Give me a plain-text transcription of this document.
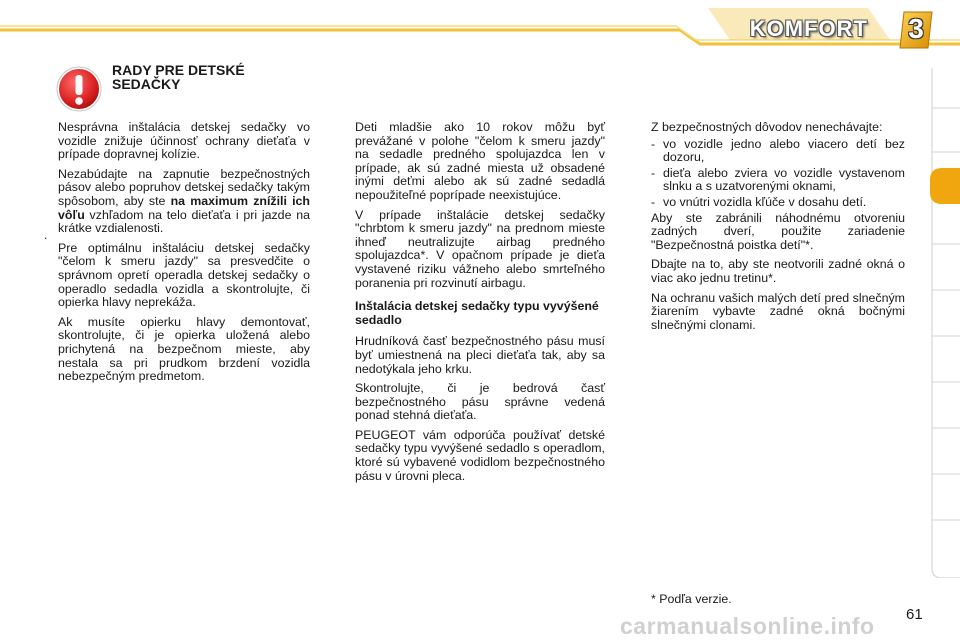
KOMFORT	3
RADY PRE DETSKÉ
SEDAČKY
.

Nesprávna inštalácia detskej sedačky vo vozidle znižuje účinnosť ochrany dieťaťa v prípade dopravnej kolízie.

Nezabúdajte na zapnutie bezpečnostných pásov alebo popruhov detskej sedačky takým spôsobom, aby ste na maximum znížili ich vôľu vzhľadom na telo dieťaťa i pri jazde na krátke vzdialenosti.

Pre optimálnu inštaláciu detskej sedačky "čelom k smeru jazdy" sa presvedčite o správnom opretí operadla detskej sedačky o operadlo sedadla vozidla a skontrolujte, či opierka hlavy neprekáža.

Ak musíte opierku hlavy demontovať, skontrolujte, či je opierka uložená alebo prichytená na bezpečnom mieste, aby nestala sa pri prudkom brzdení vozidla nebezpečným predmetom.

Deti mladšie ako 10 rokov môžu byť prevážané v polohe "čelom k smeru jazdy" na sedadle predného spolujazdca len v prípade, ak sú zadné miesta už obsadené inými deťmi alebo ak sú zadné sedadlá nepoužiteľné poprípade neexistujúce.

V prípade inštalácie detskej sedačky "chrbtom k smeru jazdy" na prednom mieste ihneď neutralizujte airbag predného spolujazdca*. V opačnom prípade je dieťa vystavené riziku vážneho alebo smrteľného poranenia pri rozvinutí airbagu.

Inštalácia detskej sedačky typu vyvýšené sedadlo

Hrudníková časť bezpečnostného pásu musí byť umiestnená na pleci dieťaťa tak, aby sa nedotýkala jeho krku.

Skontrolujte, či je bedrová časť bezpečnostného pásu správne vedená ponad stehná dieťaťa.

PEUGEOT vám odporúča používať detské sedačky typu vyvýšené sedadlo s operadlom, ktoré sú vybavené vodidlom bezpečnostného pásu v úrovni pleca.

Z bezpečnostných dôvodov nenechávajte:

- vo vozidle jedno alebo viacero detí bez dozoru,
- dieťa alebo zviera vo vozidle vystavenom slnku a s uzatvorenými oknami,
- vo vnútri vozidla kľúče v dosahu detí.

Aby ste zabránili náhodnému otvoreniu zadných dverí, použite zariadenie "Bezpečnostná poistka detí"*.

Dbajte na to, aby ste neotvorili zadné okná o viac ako jednu tretinu*.

Na ochranu vašich malých detí pred slnečným žiarením vybavte zadné okná bočnými slnečnými clonami.

* Podľa verzie.
61
carmanualsonline.info
